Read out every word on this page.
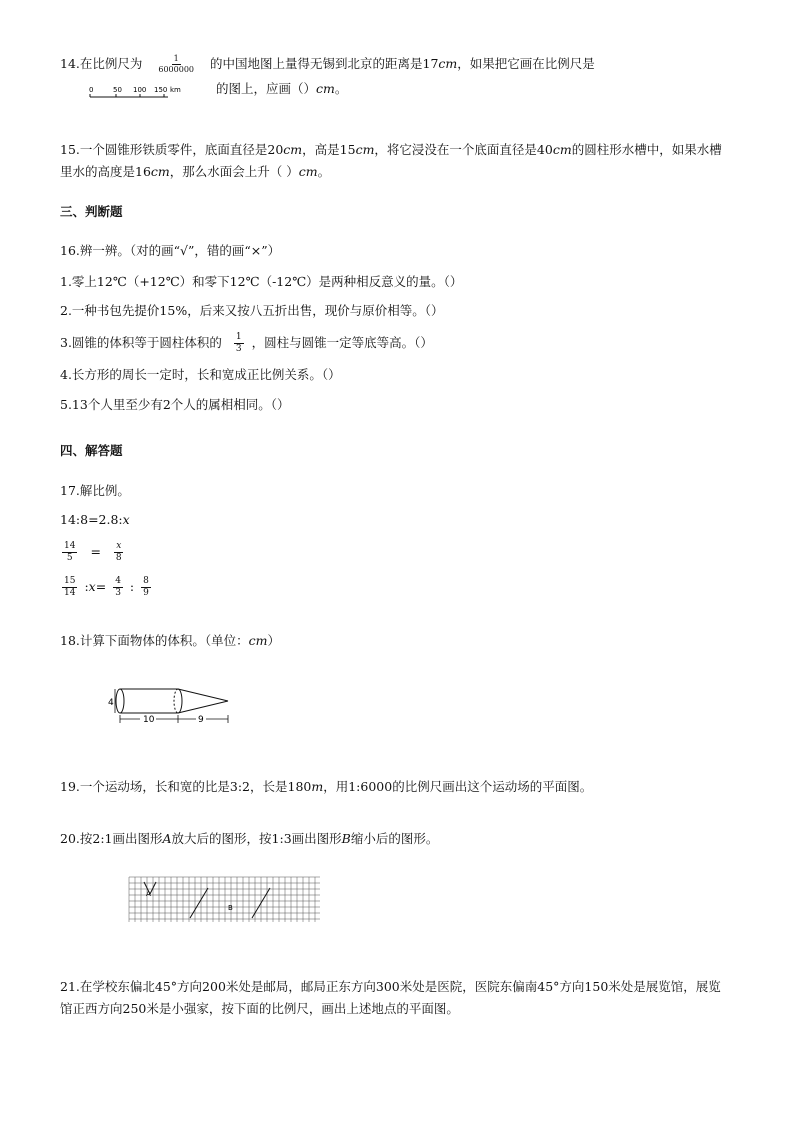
14.在比例尺为 $\frac{1}{6000000}$ 的中国地图上量得无锡到北京的距离是17cm，如果把它画在比例尺是
0	50 100 150 km	的图上，应画（）cm。
15.一个圆锥形铁质零件，底面直径是20cm，高是15cm，将它浸没在一个底面直径是40cm的圆柱形水槽中，如果水槽里水的高度是16cm，那么水面会上升（ ）cm。
三、判断题
16.辨一辨。（对的画“√”，错的画“×”）
1.零上12℃（+12℃）和零下12℃（-12℃）是两种相反意义的量。（）
2.一种书包先提价15%，后来又按八五折出售，现价与原价相等。（）
3.圆锥的体积等于圆柱体积的 $\frac{1}{3}$ ，圆柱与圆锥一定等底等高。（）
4.长方形的周长一定时，长和宽成正比例关系。（）
5.13个人里至少有2个人的属相相同。（）
四、解答题
17.解比例。
14:8=2.8:x
$\frac{14}{5} = \frac{x}{8}$
$\frac{15}{14}$ :x= $\frac{4}{3}$ : $\frac{8}{9}$
18.计算下面物体的体积。（单位：cm）
4
10	9
19.一个运动场，长和宽的比是3:2，长是180m，用1:6000的比例尺画出这个运动场的平面图。
20.按2:1画出图形A放大后的图形，按1:3画出图形B缩小后的图形。
A
B
21.在学校东偏北45°方向200米处是邮局，邮局正东方向300米处是医院，医院东偏南45°方向150米处是展览馆，展览馆正西方向250米是小强家，按下面的比例尺，画出上述地点的平面图。
